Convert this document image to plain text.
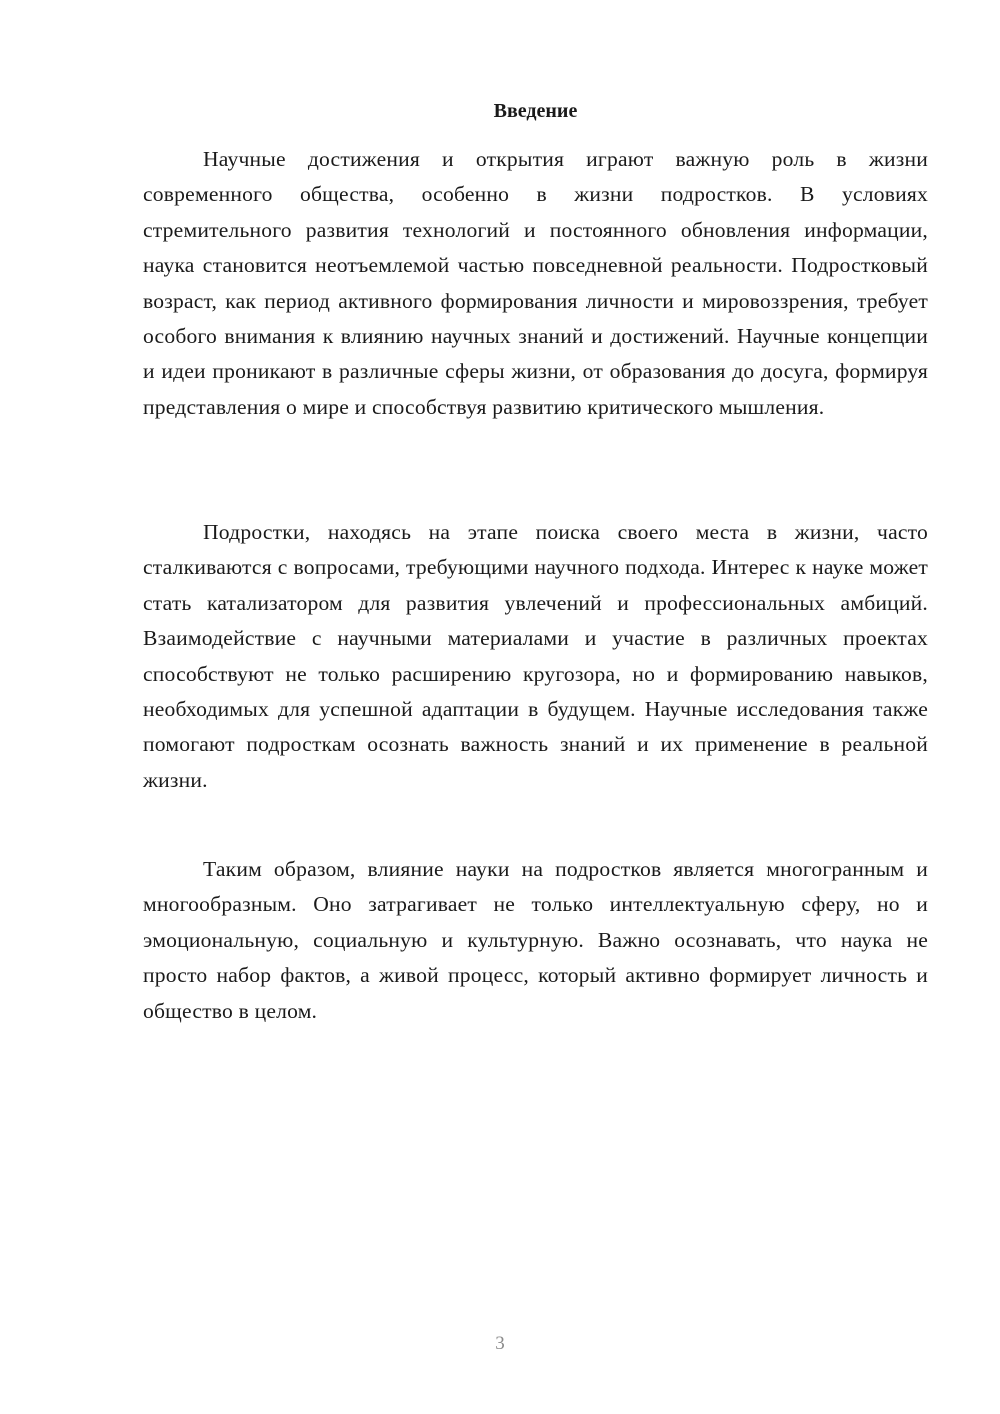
Введение

Научные достижения и открытия играют важную роль в жизни современного общества, особенно в жизни подростков. В условиях стремительного развития технологий и постоянного обновления информации, наука становится неотъемлемой частью повседневной реальности. Подростковый возраст, как период активного формирования личности и мировоззрения, требует особого внимания к влиянию научных знаний и достижений. Научные концепции и идеи проникают в различные сферы жизни, от образования до досуга, формируя представления о мире и способствуя развитию критического мышления.

Подростки, находясь на этапе поиска своего места в жизни, часто сталкиваются с вопросами, требующими научного подхода. Интерес к науке может стать катализатором для развития увлечений и профессиональных амбиций. Взаимодействие с научными материалами и участие в различных проектах способствуют не только расширению кругозора, но и формированию навыков, необходимых для успешной адаптации в будущем. Научные исследования также помогают подросткам осознать важность знаний и их применение в реальной жизни.

Таким образом, влияние науки на подростков является многогранным и многообразным. Оно затрагивает не только интеллектуальную сферу, но и эмоциональную, социальную и культурную. Важно осознавать, что наука не просто набор фактов, а живой процесс, который активно формирует личность и общество в целом.

3
